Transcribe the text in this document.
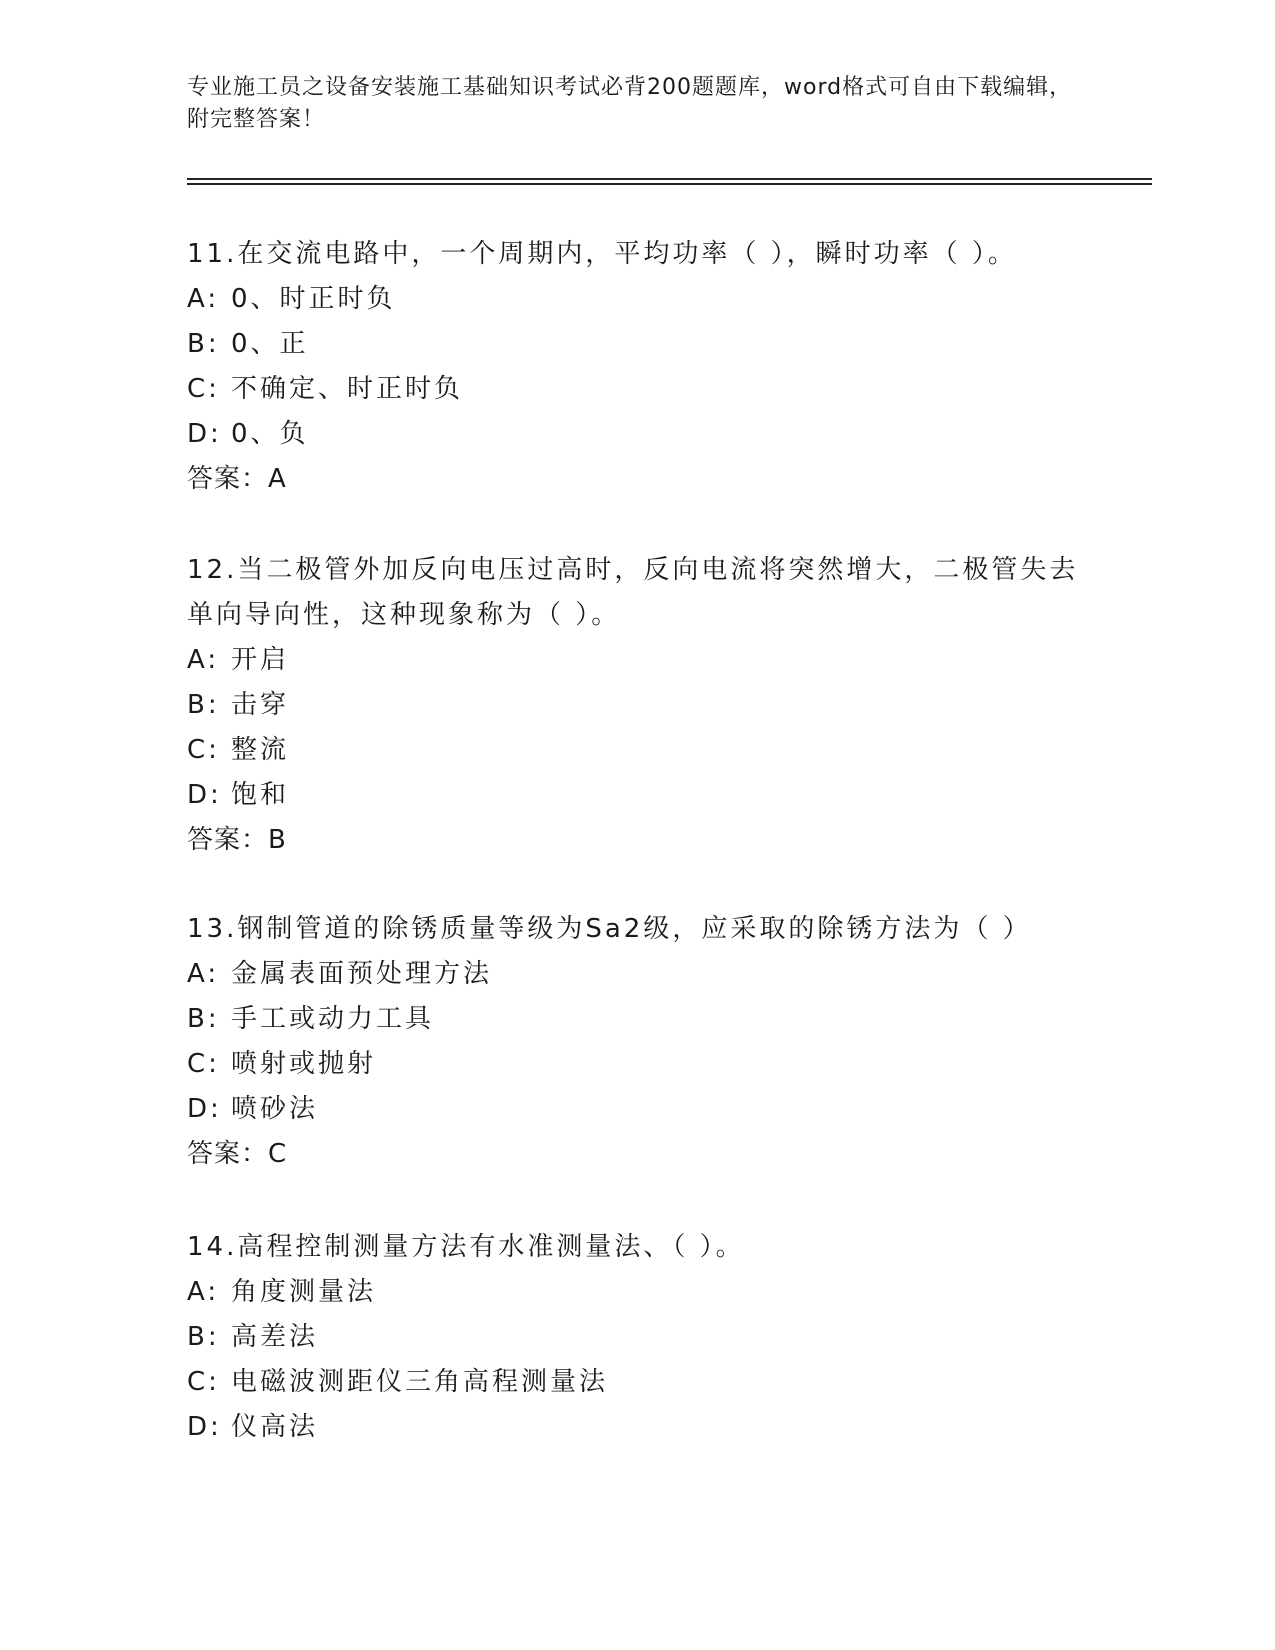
专业施工员之设备安装施工基础知识考试必背200题题库，word格式可自由下载编辑，附完整答案！
11.在交流电路中，一个周期内，平均功率（ ），瞬时功率（ ）。
A: 0、时正时负
B: 0、正
C: 不确定、时正时负
D: 0、负
答案：A
12.当二极管外加反向电压过高时，反向电流将突然增大，二极管失去单向导向性，这种现象称为（ ）。
A: 开启
B: 击穿
C: 整流
D: 饱和
答案：B
13.钢制管道的除锈质量等级为Sa2级，应采取的除锈方法为（ ）
A: 金属表面预处理方法
B: 手工或动力工具
C: 喷射或抛射
D: 喷砂法
答案：C
14.高程控制测量方法有水准测量法、（ ）。
A: 角度测量法
B: 高差法
C: 电磁波测距仪三角高程测量法
D: 仪高法
